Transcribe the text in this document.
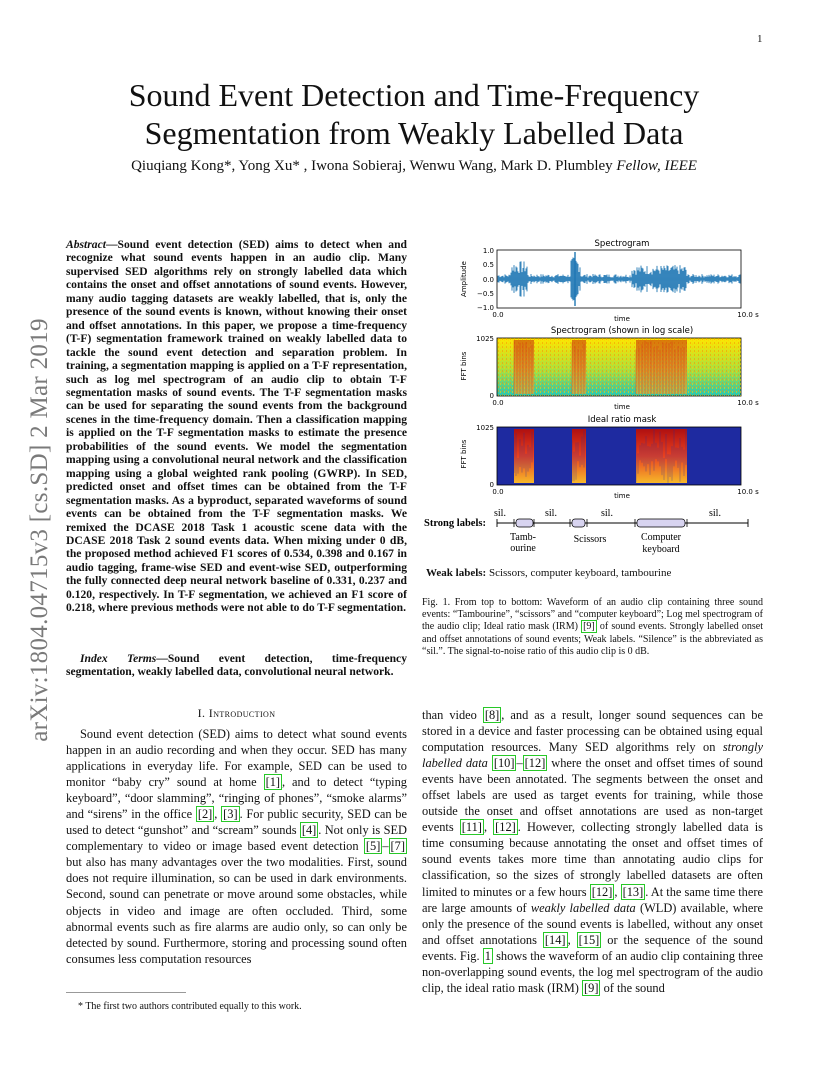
1
arXiv:1804.04715v3 [cs.SD] 2 Mar 2019
Sound Event Detection and Time-Frequency Segmentation from Weakly Labelled Data
Qiuqiang Kong*, Yong Xu* , Iwona Sobieraj, Wenwu Wang, Mark D. Plumbley Fellow, IEEE
Abstract—Sound event detection (SED) aims to detect when and recognize what sound events happen in an audio clip. Many supervised SED algorithms rely on strongly labelled data which contains the onset and offset annotations of sound events. However, many audio tagging datasets are weakly labelled, that is, only the presence of the sound events is known, without knowing their onset and offset annotations. In this paper, we propose a time-frequency (T-F) segmentation framework trained on weakly labelled data to tackle the sound event detection and separation problem. In training, a segmentation mapping is applied on a T-F representation, such as log mel spectrogram of an audio clip to obtain T-F segmentation masks of sound events. The T-F segmentation masks can be used for separating the sound events from the background scenes in the time-frequency domain. Then a classification mapping is applied on the T-F segmentation masks to estimate the presence probabilities of the sound events. We model the segmentation mapping using a convolutional neural network and the classification mapping using a global weighted rank pooling (GWRP). In SED, predicted onset and offset times can be obtained from the T-F segmentation masks. As a byproduct, separated waveforms of sound events can be obtained from the T-F segmentation masks. We remixed the DCASE 2018 Task 1 acoustic scene data with the DCASE 2018 Task 2 sound events data. When mixing under 0 dB, the proposed method achieved F1 scores of 0.534, 0.398 and 0.167 in audio tagging, frame-wise SED and event-wise SED, outperforming the fully connected deep neural network baseline of 0.331, 0.237 and 0.120, respectively. In T-F segmentation, we achieved an F1 score of 0.218, where previous methods were not able to do T-F segmentation.
Index Terms—Sound event detection, time-frequency segmentation, weakly labelled data, convolutional neural network.
I. Introduction
Sound event detection (SED) aims to detect what sound events happen in an audio recording and when they occur. SED has many applications in everyday life. For example, SED can be used to monitor “baby cry” sound at home [1] , and to detect “typing keyboard”, “door slamming”, “ringing of phones”, “smoke alarms” and “sirens” in the office [2] , [3] . For public security, SED can be used to detect “gunshot” and “scream” sounds [4] . Not only is SED complementary to video or image based event detection [5] – [7] but also has many advantages over the two modalities. First, sound does not require illumination, so can be used in dark environments. Second, sound can penetrate or move around some obstacles, while objects in video and image are often occluded. Third, some abnormal events such as fire alarms are audio only, so can only be detected by sound. Furthermore, storing and processing sound often consumes less computation resources
than video [8] , and as a result, longer sound sequences can be stored in a device and faster processing can be obtained using equal computation resources. Many SED algorithms rely on strongly labelled data [10] – [12] where the onset and offset times of sound events have been annotated. The segments between the onset and offset labels are used as target events for training, while those outside the onset and offset annotations are used as non-target events [11] , [12] . However, collecting strongly labelled data is time consuming because annotating the onset and offset times of sound events takes more time than annotating audio clips for classification, so the sizes of strongly labelled datasets are often limited to minutes or a few hours [12] , [13] . At the same time there are large amounts of weakly labelled data (WLD) available, where only the presence of the sound events is labelled, without any onset and offset annotations [14] , [15] or the sequence of the sound events. Fig. 1 shows the waveform of an audio clip containing three non-overlapping sound events, the log mel spectrogram of the audio clip, the ideal ratio mask (IRM) [9] of the sound
* The first two authors contributed equally to this work.
Spectrogram
Amplitude
1.0
0.5
0.0
−0.5
−1.0
0.0	10.0 s
time
Spectrogram (shown in log scale)
FFT bins
1025
0
0.0	10.0 s
time
Ideal ratio mask
FFT bins
1025
0
0.0	10.0 s
time
Strong labels:
sil.	sil.	sil.	sil.
Tamb-
ourine
Scissors	Computer
keyboard
Weak labels: Scissors, computer keyboard, tambourine
Fig. 1. From top to bottom: Waveform of an audio clip containing three sound events: “Tambourine”, “scissors” and “computer keyboard”; Log mel spectrogram of the audio clip; Ideal ratio mask (IRM) [9] of sound events. Strongly labelled onset and offset annotations of sound events; Weak labels. “Silence” is the abbreviated as “sil.”. The signal-to-noise ratio of this audio clip is 0 dB.
